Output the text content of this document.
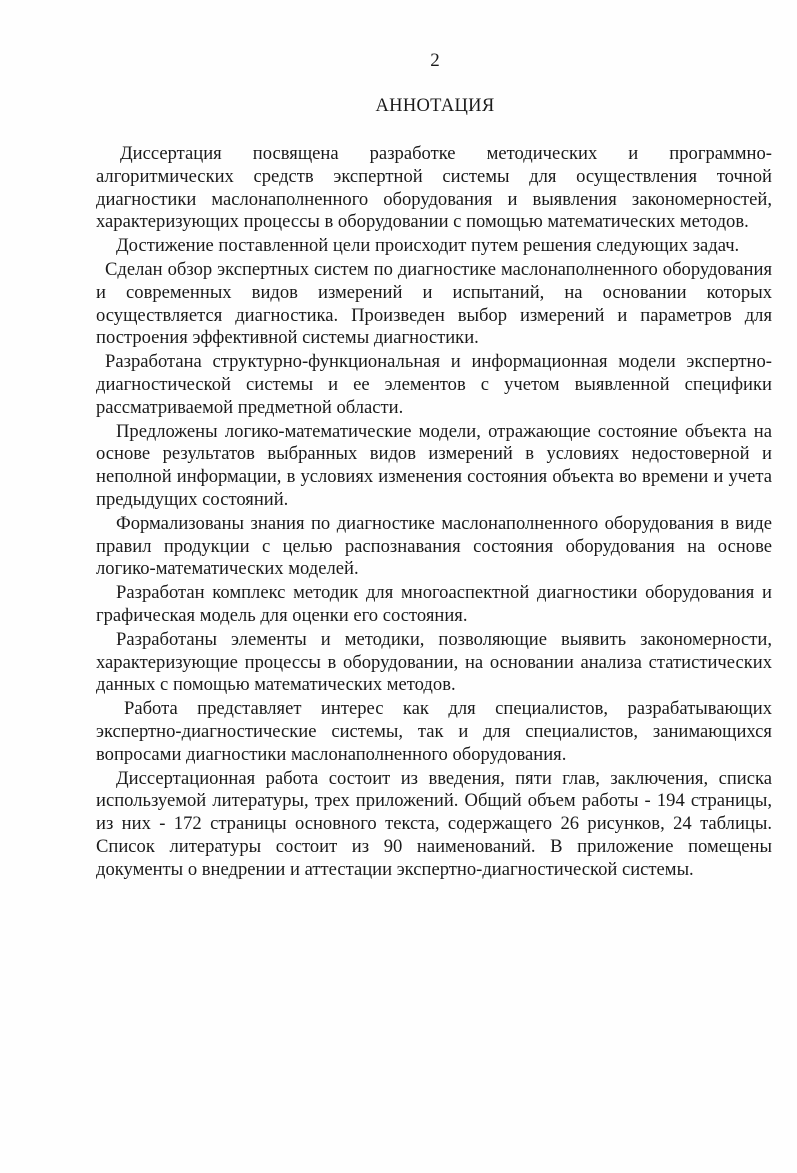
2
АННОТАЦИЯ

Диссертация посвящена разработке методических и программно-алгоритмических средств экспертной системы для осуществления точной диагностики маслонаполненного оборудования и выявления закономерностей, характеризующих процессы в оборудовании с помощью математических методов.

Достижение поставленной цели происходит путем решения следующих задач.

Сделан обзор экспертных систем по диагностике маслонаполненного оборудования и современных видов измерений и испытаний, на основании которых осуществляется диагностика. Произведен выбор измерений и параметров для построения эффективной системы диагностики.

Разработана структурно-функциональная и информационная модели экспертно-диагностической системы и ее элементов с учетом выявленной специфики рассматриваемой предметной области.

Предложены логико-математические модели, отражающие состояние объекта на основе результатов выбранных видов измерений в условиях недостоверной и неполной информации, в условиях изменения состояния объекта во времени и учета предыдущих состояний.

Формализованы знания по диагностике маслонаполненного оборудования в виде правил продукции с целью распознавания состояния оборудования на основе логико-математических моделей.

Разработан комплекс методик для многоаспектной диагностики оборудования и графическая модель для оценки его состояния.

Разработаны элементы и методики, позволяющие выявить закономерности, характеризующие процессы в оборудовании, на основании анализа статистических данных с помощью математических методов.

Работа представляет интерес как для специалистов, разрабатывающих экспертно-диагностические системы, так и для специалистов, занимающихся вопросами диагностики маслонаполненного оборудования.

Диссертационная работа состоит из введения, пяти глав, заключения, списка используемой литературы, трех приложений. Общий объем работы - 194 страницы, из них - 172 страницы основного текста, содержащего 26 рисунков, 24 таблицы. Список литературы состоит из 90 наименований. В приложение помещены документы о внедрении и аттестации экспертно-диагностической системы.
